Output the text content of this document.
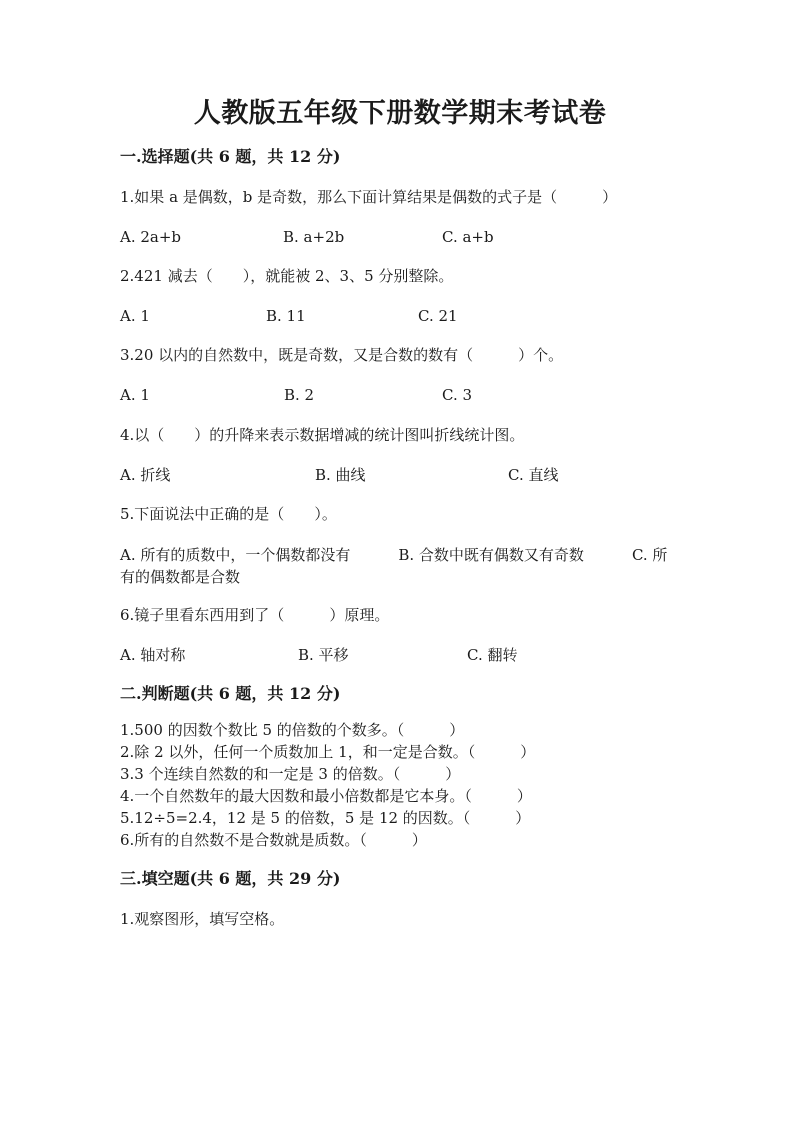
人教版五年级下册数学期末考试卷
一.选择题(共 6 题，共 12 分)
1.如果 a 是偶数，b 是奇数，那么下面计算结果是偶数的式子是（　　　）
A. 2a+b	B. a+2b	C. a+b
2.421 减去（　　），就能被 2、3、5 分别整除。
A. 1	B. 11	C. 21
3.20 以内的自然数中，既是奇数，又是合数的数有（　　　）个。
A. 1	B. 2	C. 3
4.以（　　）的升降来表示数据增减的统计图叫折线统计图。
A. 折线	B. 曲线	C. 直线
5.下面说法中正确的是（　　）。
A. 所有的质数中，一个偶数都没有	B. 合数中既有偶数又有奇数	C. 所有的偶数都是合数
6.镜子里看东西用到了（　　　）原理。
A. 轴对称	B. 平移	C. 翻转
二.判断题(共 6 题，共 12 分)
1.500 的因数个数比 5 的倍数的个数多。（　　　）
2.除 2 以外，任何一个质数加上 1，和一定是合数。（　　　）
3.3 个连续自然数的和一定是 3 的倍数。（　　　）
4.一个自然数年的最大因数和最小倍数都是它本身。（　　　）
5.12÷5=2.4，12 是 5 的倍数，5 是 12 的因数。（　　　）
6.所有的自然数不是合数就是质数。（　　　）
三.填空题(共 6 题，共 29 分)
1.观察图形，填写空格。
